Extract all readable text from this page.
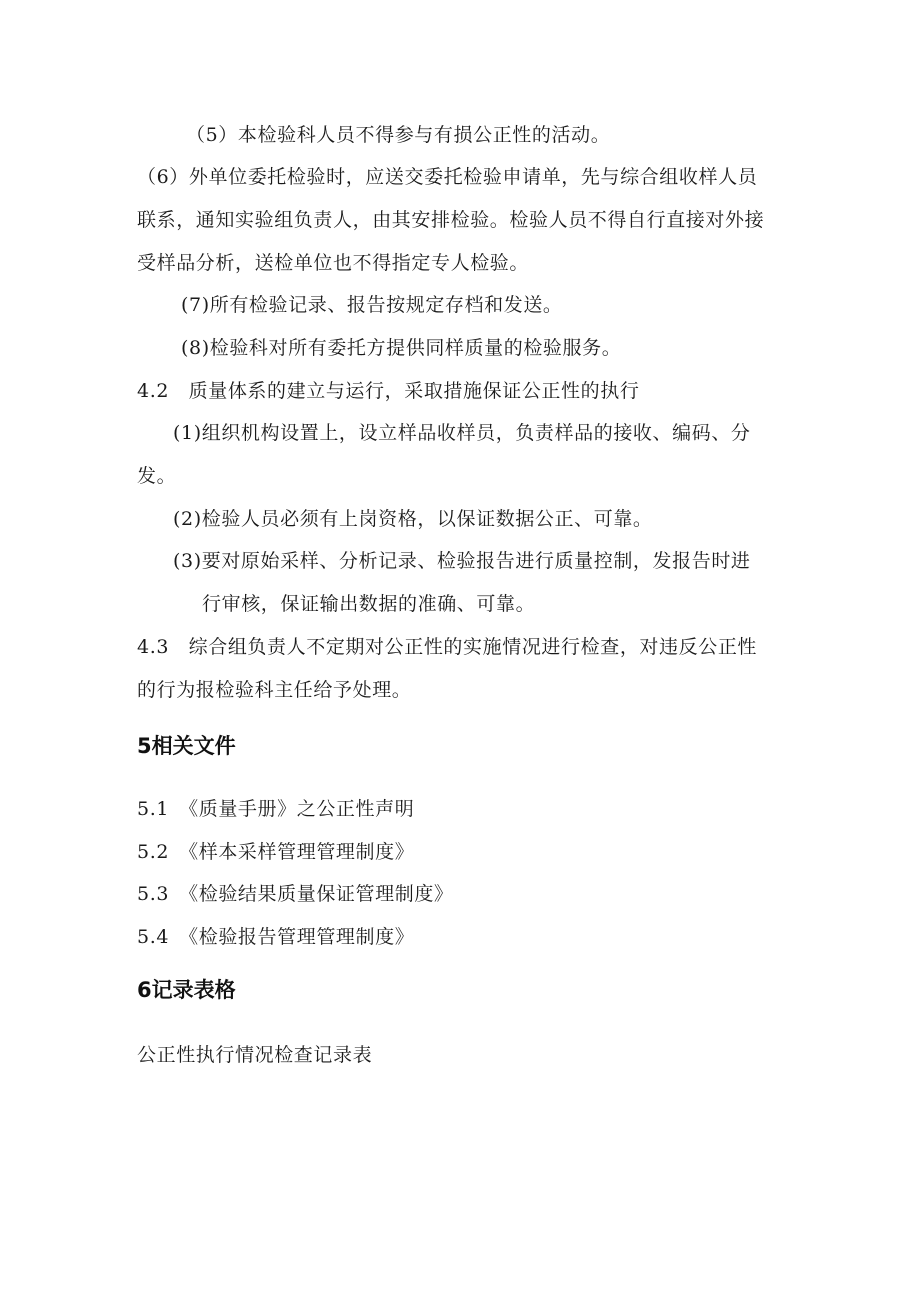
（5）本检验科人员不得参与有损公正性的活动。
（6）外单位委托检验时，应送交委托检验申请单，先与综合组收样人员
联系，通知实验组负责人，由其安排检验。检验人员不得自行直接对外接
受样品分析，送检单位也不得指定专人检验。
(7)所有检验记录、报告按规定存档和发送。
(8)检验科对所有委托方提供同样质量的检验服务。
4.2　质量体系的建立与运行，采取措施保证公正性的执行
(1)组织机构设置上，设立样品收样员，负责样品的接收、编码、分
发。
(2)检验人员必须有上岗资格，以保证数据公正、可靠。
(3)要对原始采样、分析记录、检验报告进行质量控制，发报告时进
行审核，保证输出数据的准确、可靠。
4.3　综合组负责人不定期对公正性的实施情况进行检查，对违反公正性
的行为报检验科主任给予处理。
5相关文件
5.1　《质量手册》之公正性声明
5.2　《样本采样管理管理制度》
5.3　《检验结果质量保证管理制度》
5.4　《检验报告管理管理制度》
6记录表格
公正性执行情况检查记录表
